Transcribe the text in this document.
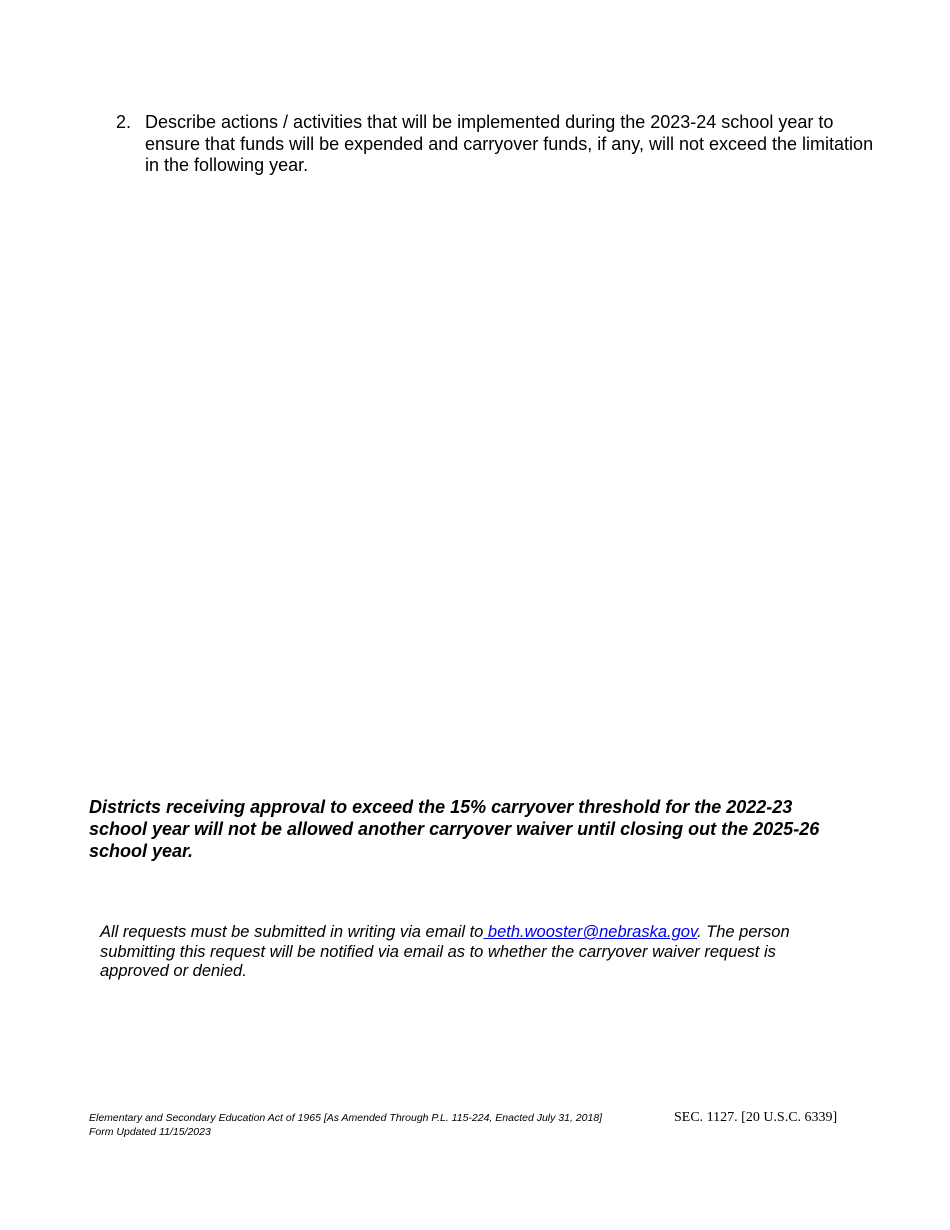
2. Describe actions / activities that will be implemented during the 2023-24 school year to ensure that funds will be expended and carryover funds, if any, will not exceed the limitation in the following year.
Districts receiving approval to exceed the 15% carryover threshold for the 2022-23 school year will not be allowed another carryover waiver until closing out the 2025-26 school year.
All requests must be submitted in writing via email to beth.wooster@nebraska.gov. The person submitting this request will be notified via email as to whether the carryover waiver request is approved or denied.
Elementary and Secondary Education Act of 1965 [As Amended Through P.L. 115-224, Enacted July 31, 2018]
Form Updated 11/15/2023
SEC. 1127. [20 U.S.C. 6339]
